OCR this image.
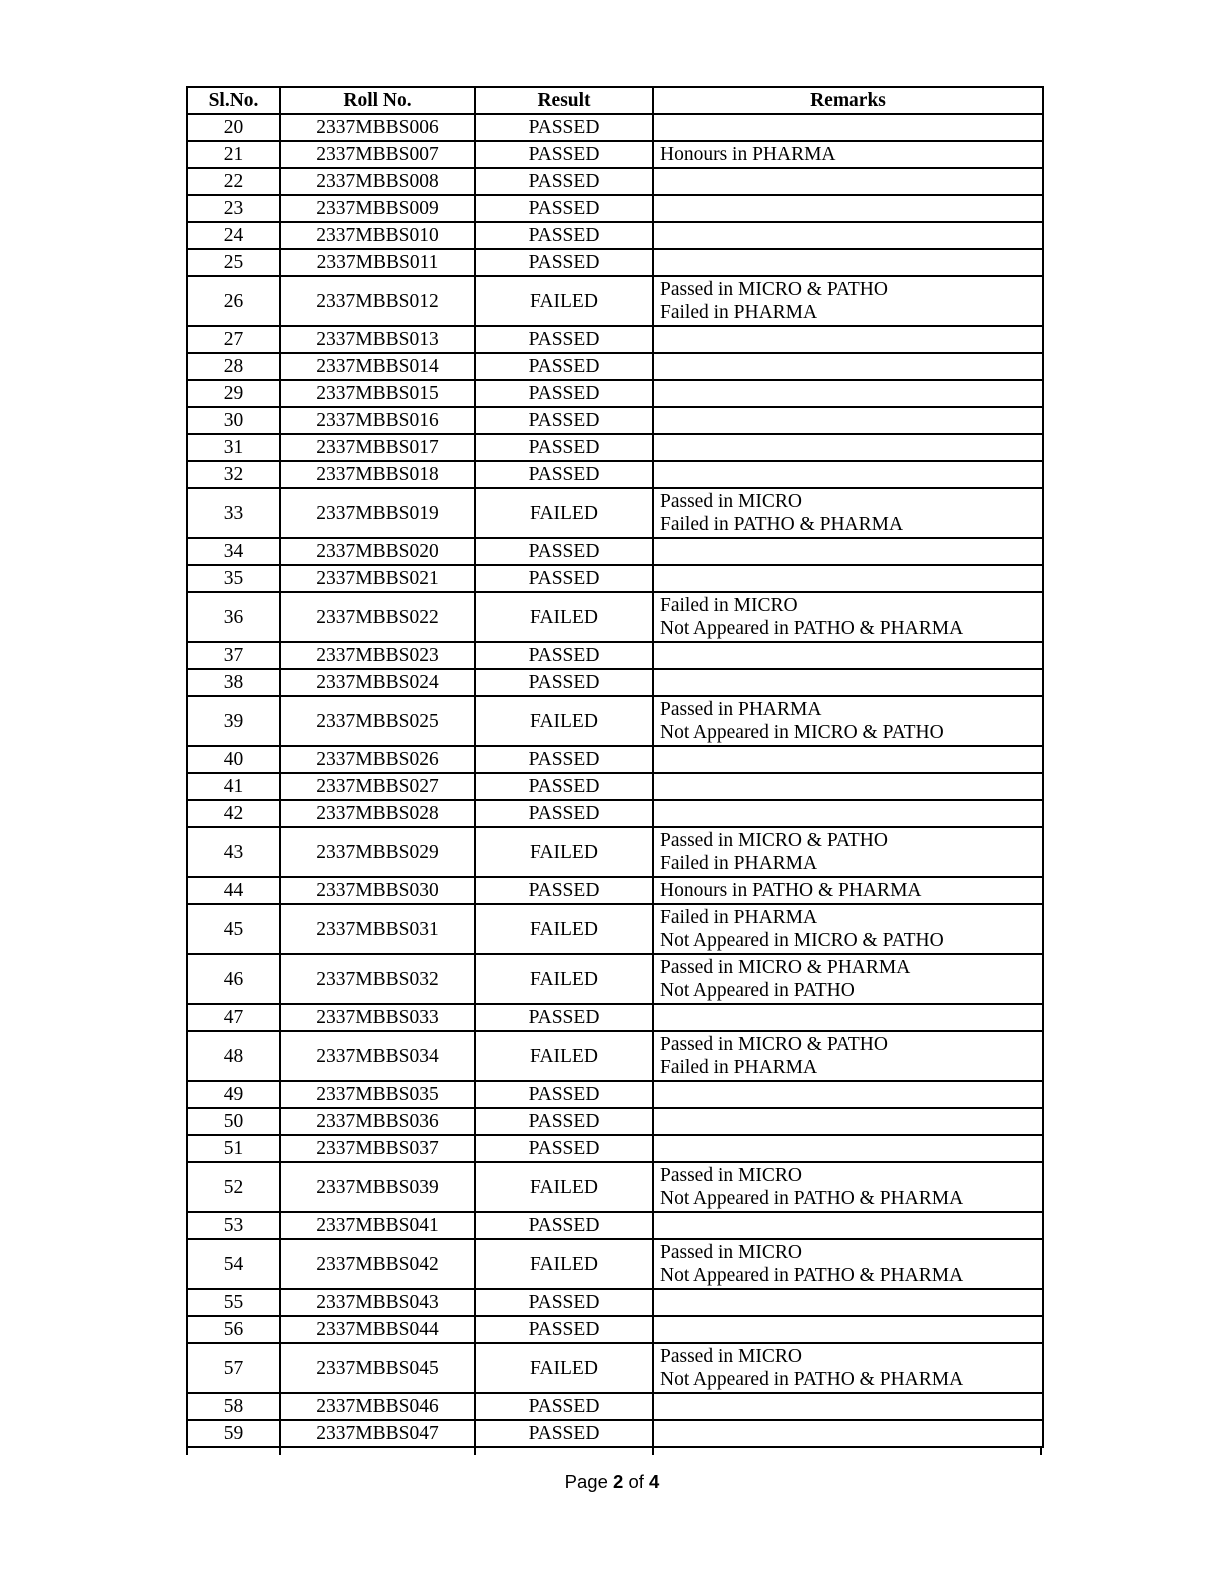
Sl.No.	Roll No.	Result	Remarks
20	2337MBBS006	PASSED	
21	2337MBBS007	PASSED	Honours in PHARMA

22	2337MBBS008	PASSED	
23	2337MBBS009	PASSED	
24	2337MBBS010	PASSED	
25	2337MBBS011	PASSED	
26	2337MBBS012	FAILED	Passed in MICRO & PATHO
Failed in PHARMA

27	2337MBBS013	PASSED	
28	2337MBBS014	PASSED	
29	2337MBBS015	PASSED	
30	2337MBBS016	PASSED	
31	2337MBBS017	PASSED	
32	2337MBBS018	PASSED	
33	2337MBBS019	FAILED	Passed in MICRO
Failed in PATHO & PHARMA

34	2337MBBS020	PASSED	
35	2337MBBS021	PASSED	
36	2337MBBS022	FAILED	Failed in MICRO
Not Appeared in PATHO & PHARMA

37	2337MBBS023	PASSED	
38	2337MBBS024	PASSED	
39	2337MBBS025	FAILED	Passed in PHARMA
Not Appeared in MICRO & PATHO

40	2337MBBS026	PASSED	
41	2337MBBS027	PASSED	
42	2337MBBS028	PASSED	
43	2337MBBS029	FAILED	Passed in MICRO & PATHO
Failed in PHARMA

44	2337MBBS030	PASSED	Honours in PATHO & PHARMA

45	2337MBBS031	FAILED	Failed in PHARMA
Not Appeared in MICRO & PATHO

46	2337MBBS032	FAILED	Passed in MICRO & PHARMA
Not Appeared in PATHO

47	2337MBBS033	PASSED	
48	2337MBBS034	FAILED	Passed in MICRO & PATHO
Failed in PHARMA

49	2337MBBS035	PASSED	
50	2337MBBS036	PASSED	
51	2337MBBS037	PASSED	
52	2337MBBS039	FAILED	Passed in MICRO
Not Appeared in PATHO & PHARMA

53	2337MBBS041	PASSED	
54	2337MBBS042	FAILED	Passed in MICRO
Not Appeared in PATHO & PHARMA

55	2337MBBS043	PASSED	
56	2337MBBS044	PASSED	
57	2337MBBS045	FAILED	Passed in MICRO
Not Appeared in PATHO & PHARMA

58	2337MBBS046	PASSED	
59	2337MBBS047	PASSED	
Page 2 of 4
